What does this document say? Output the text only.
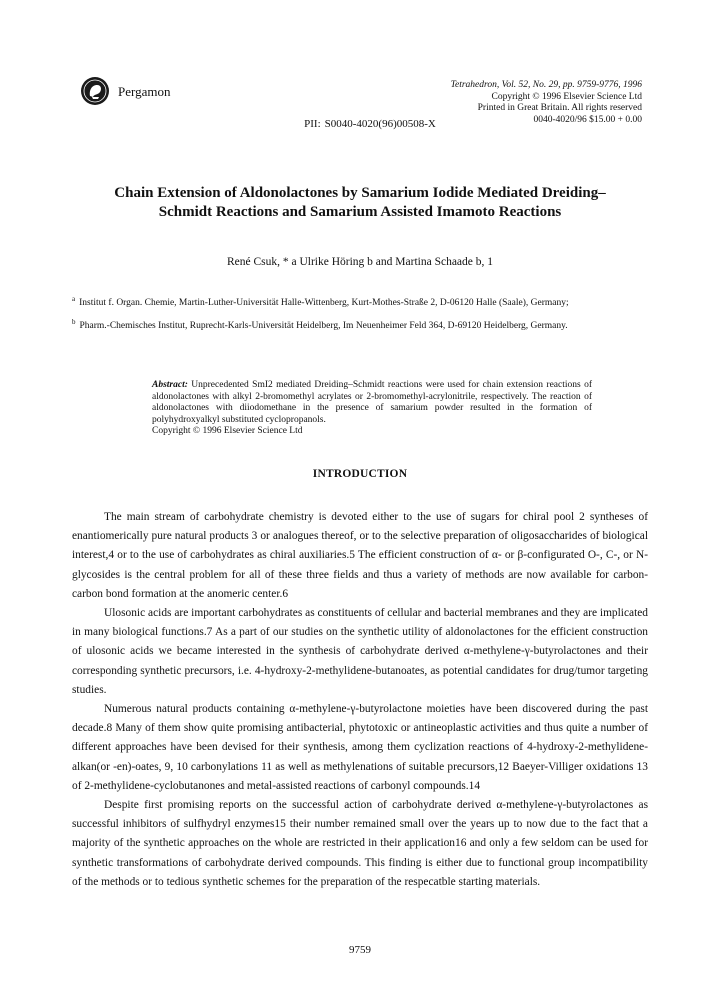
Pergamon	Tetrahedron, Vol. 52, No. 29, pp. 9759-9776, 1996
Copyright © 1996 Elsevier Science Ltd
Printed in Great Britain. All rights reserved
0040-4020/96 $15.00 + 0.00
PII: S0040-4020(96)00508-X
Chain Extension of Aldonolactones by Samarium Iodide Mediated Dreiding–
Schmidt Reactions and Samarium Assisted Imamoto Reactions
René Csuk, * a Ulrike Höring b and Martina Schaade b, 1
$^a$ Institut f. Organ. Chemie, Martin-Luther-Universität Halle-Wittenberg, Kurt-Mothes-Straße 2, D-06120 Halle (Saale), Germany;
$^b$ Pharm.-Chemisches Institut, Ruprecht-Karls-Universität Heidelberg, Im Neuenheimer Feld 364, D-69120 Heidelberg, Germany.
Abstract: Unprecedented SmI2 mediated Dreiding–Schmidt reactions were used for chain extension reactions of aldonolactones with alkyl 2-bromomethyl acrylates or 2-bromomethyl-acrylonitrile, respectively. The reaction of aldonolactones with diiodomethane in the presence of samarium powder resulted in the formation of polyhydroxyalkyl substituted cyclopropanols.
Copyright © 1996 Elsevier Science Ltd
INTRODUCTION

The main stream of carbohydrate chemistry is devoted either to the use of sugars for chiral pool 2 syntheses of enantiomerically pure natural products 3 or analogues thereof, or to the selective preparation of oligosaccharides of biological interest,4 or to the use of carbohydrates as chiral auxiliaries.5 The efficient construction of α- or β-configurated O-, C-, or N-glycosides is the central problem for all of these three fields and thus a variety of methods are now available for carbon-carbon bond formation at the anomeric center.6

Ulosonic acids are important carbohydrates as constituents of cellular and bacterial membranes and they are implicated in many biological functions.7 As a part of our studies on the synthetic utility of aldonolactones for the efficient construction of ulosonic acids we became interested in the synthesis of carbohydrate derived α-methylene-γ-butyrolactones and their corresponding synthetic precursors, i.e. 4-hydroxy-2-methylidene-butanoates, as potential candidates for drug/tumor targeting studies.

Numerous natural products containing α-methylene-γ-butyrolactone moieties have been discovered during the past decade.8 Many of them show quite promising antibacterial, phytotoxic or antineoplastic activities and thus quite a number of different approaches have been devised for their synthesis, among them cyclization reactions of 4-hydroxy-2-methylidene-alkan(or -en)-oates, 9, 10 carbonylations 11 as well as methylenations of suitable precursors,12 Baeyer-Villiger oxidations 13 of 2-methylidene-cyclobutanones and metal-assisted reactions of carbonyl compounds.14

Despite first promising reports on the successful action of carbohydrate derived α-methylene-γ-butyrolactones as successful inhibitors of sulfhydryl enzymes15 their number remained small over the years up to now due to the fact that a majority of the synthetic approaches on the whole are restricted in their application16 and only a few seldom can be used for synthetic transformations of carbohydrate derived compounds. This finding is either due to functional group incompatibility of the methods or to tedious synthetic schemes for the preparation of the respecatble starting materials.

9759
